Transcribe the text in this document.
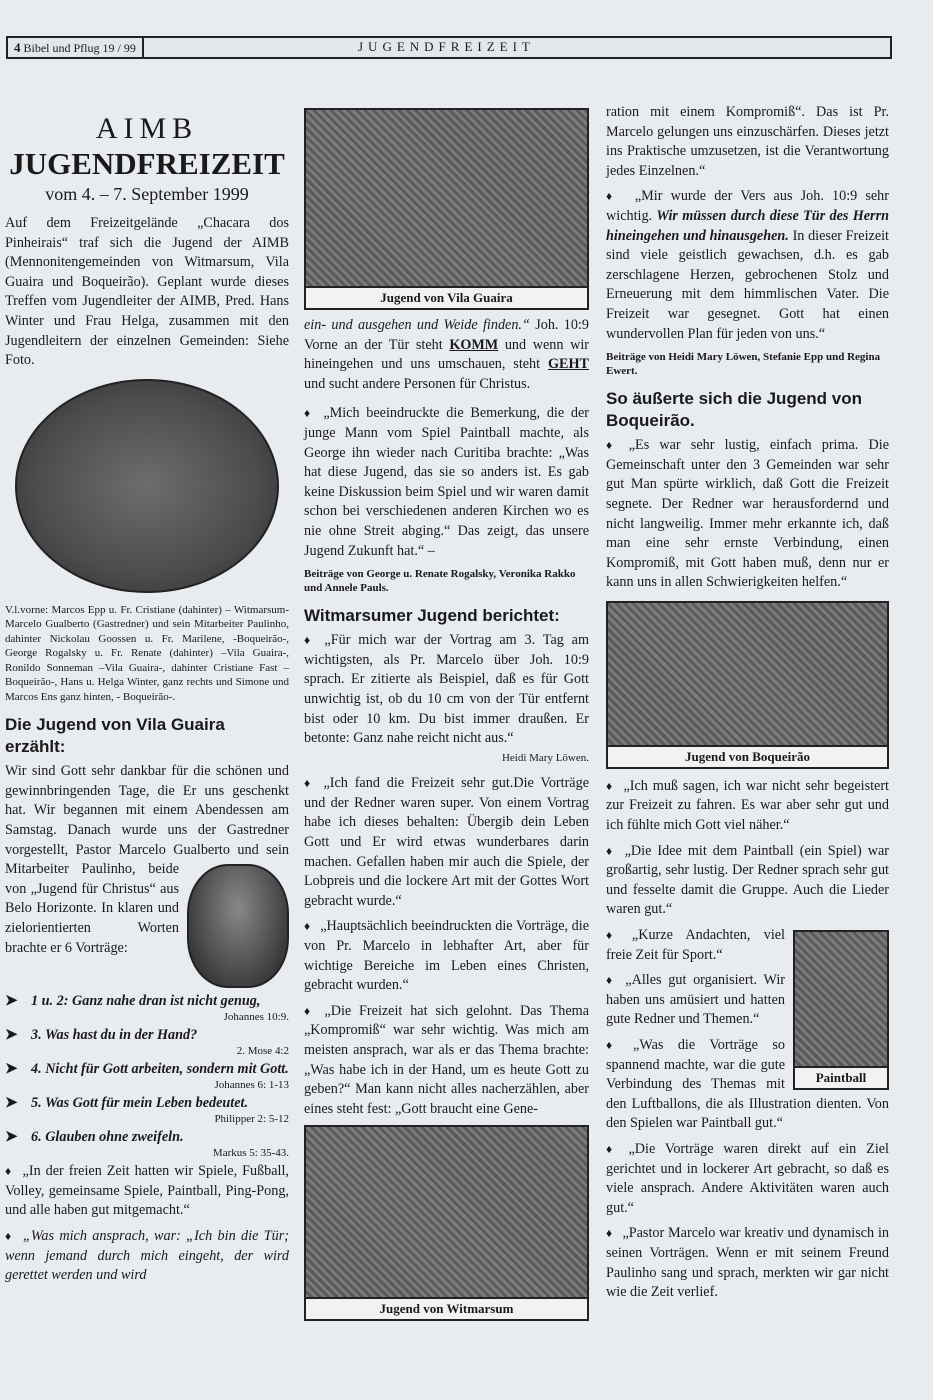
4 Bibel und Pflug 19 / 99	JUGENDFREIZEIT
AIMB
JUGENDFREIZEIT
vom 4. – 7. September 1999

Auf dem Freizeitgelände „Chacara dos Pinheirais“ traf sich die Jugend der AIMB (Mennonitengemeinden von Witmarsum, Vila Guaira und Boqueirão). Geplant wurde dieses Treffen vom Jugendleiter der AIMB, Pred. Hans Winter und Frau Helga, zusammen mit den Jugendleitern der einzelnen Gemeinden: Siehe Foto.

V.l.vorne: Marcos Epp u. Fr. Cristiane (dahinter) – Witmarsum- Marcelo Gualberto (Gastredner) und sein Mitarbeiter Paulinho, dahinter Nickolau Goossen u. Fr. Marilene, -Boqueirão-, George Rogalsky u. Fr. Renate (dahinter) –Vila Guaira-, Ronildo Sonneman –Vila Guaira-, dahinter Cristiane Fast –Boqueirão-, Hans u. Helga Winter, ganz rechts und Simone und Marcos Ens ganz hinten, - Boqueirão-.

Die Jugend von Vila Guaira erzählt:

Wir sind Gott sehr dankbar für die schönen und gewinnbringenden Tage, die Er uns geschenkt hat. Wir begannen mit einem Abendessen am Samstag. Danach wurde uns der Gastredner vorgestellt, Pastor Marcelo Gualberto und sein Mitarbeiter Paulinho, beide von „Jugend für Christus“ aus Belo Horizonte. In klaren und zielorientierten Worten brachte er 6 Vorträge:

➤ 1 u. 2: Ganz nahe dran ist nicht genug,
Johannes 10:9.
➤ 3. Was hast du in der Hand?
2. Mose 4:2
➤ 4. Nicht für Gott arbeiten, sondern mit Gott.
Johannes 6: 1-13
➤ 5. Was Gott für mein Leben bedeutet.
Philipper 2: 5-12
➤ 6. Glauben ohne zweifeln.
Markus 5: 35-43.

♦ „In der freien Zeit hatten wir Spiele, Fußball, Volley, gemeinsame Spiele, Paintball, Ping-Pong, und alle haben gut mitgemacht.“

♦ „Was mich ansprach, war: „Ich bin die Tür; wenn jemand durch mich eingeht, der wird gerettet werden und wird

Jugend von Vila Guaira

ein- und ausgehen und Weide finden.“ Joh. 10:9 Vorne an der Tür steht KOMM und wenn wir hineingehen und uns umschauen, steht GEHT und sucht andere Personen für Christus.

♦ „Mich beeindruckte die Bemerkung, die der junge Mann vom Spiel Paintball machte, als George ihn wieder nach Curitiba brachte: „Was hat diese Jugend, das sie so anders ist. Es gab keine Diskussion beim Spiel und wir waren damit schon bei verschiedenen anderen Kirchen wo es nie ohne Streit abging.“ Das zeigt, das unsere Jugend Zukunft hat.“ –

Beiträge von George u. Renate Rogalsky, Veronika Rakko und Annele Pauls.

Witmarsumer Jugend berichtet:

♦ „Für mich war der Vortrag am 3. Tag am wichtigsten, als Pr. Marcelo über Joh. 10:9 sprach. Er zitierte als Beispiel, daß es für Gott unwichtig ist, ob du 10 cm von der Tür entfernt bist oder 10 km. Du bist immer draußen. Er betonte: Ganz nahe reicht nicht aus.“

Heidi Mary Löwen.

♦ „Ich fand die Freizeit sehr gut.Die Vorträge und der Redner waren super. Von einem Vortrag habe ich dieses behalten: Übergib dein Leben Gott und Er wird etwas wunderbares darin machen. Gefallen haben mir auch die Spiele, der Lobpreis und die lockere Art mit der Gottes Wort gebracht wurde.“

♦ „Hauptsächlich beeindruckten die Vorträge, die von Pr. Marcelo in lebhafter Art, aber für wichtige Bereiche im Leben eines Christen, gebracht wurden.“

♦ „Die Freizeit hat sich gelohnt. Das Thema „Kompromiß“ war sehr wichtig. Was mich am meisten ansprach, war als er das Thema brachte: „Was habe ich in der Hand, um es heute Gott zu geben?“ Man kann nicht alles nacherzählen, aber eines steht fest: „Gott braucht eine Gene-

Jugend von Witmarsum

ration mit einem Kompromiß“. Das ist Pr. Marcelo gelungen uns einzuschärfen. Dieses jetzt ins Praktische umzusetzen, ist die Verantwortung jedes Einzelnen.“

♦ „Mir wurde der Vers aus Joh. 10:9 sehr wichtig. Wir müssen durch diese Tür des Herrn hineingehen und hinausgehen. In dieser Freizeit sind viele geistlich gewachsen, d.h. es gab zerschlagene Herzen, gebrochenen Stolz und Erneuerung mit dem himmlischen Vater. Die Freizeit war gesegnet. Gott hat einen wundervollen Plan für jeden von uns.“

Beiträge von Heidi Mary Löwen, Stefanie Epp und Regina Ewert.

So äußerte sich die Jugend von Boqueirão.

♦ „Es war sehr lustig, einfach prima. Die Gemeinschaft unter den 3 Gemeinden war sehr gut Man spürte wirklich, daß Gott die Freizeit segnete. Der Redner war herausfordernd und nicht langweilig. Immer mehr erkannte ich, daß man eine sehr ernste Verbindung, einen Kompromiß, mit Gott haben muß, denn nur er kann uns in allen Schwierigkeiten helfen.“

Jugend von Boqueirão

♦ „Ich muß sagen, ich war nicht sehr begeistert zur Freizeit zu fahren. Es war aber sehr gut und ich fühlte mich Gott viel näher.“

♦ „Die Idee mit dem Paintball (ein Spiel) war großartig, sehr lustig. Der Redner sprach sehr gut und fesselte damit die Gruppe. Auch die Lieder waren gut.“

Paintball

♦ „Kurze Andachten, viel freie Zeit für Sport.“

♦ „Alles gut organisiert. Wir haben uns amüsiert und hatten gute Redner und Themen.“

♦ „Was die Vorträge so spannend machte, war die gute Verbindung des Themas mit den Luftballons, die als Illustration dienten. Von den Spielen war Paintball gut.“

♦ „Die Vorträge waren direkt auf ein Ziel gerichtet und in lockerer Art gebracht, so daß es viele ansprach. Andere Aktivitäten waren auch gut.“

♦ „Pastor Marcelo war kreativ und dynamisch in seinen Vorträgen. Wenn er mit seinem Freund Paulinho sang und sprach, merkten wir gar nicht wie die Zeit verlief.
